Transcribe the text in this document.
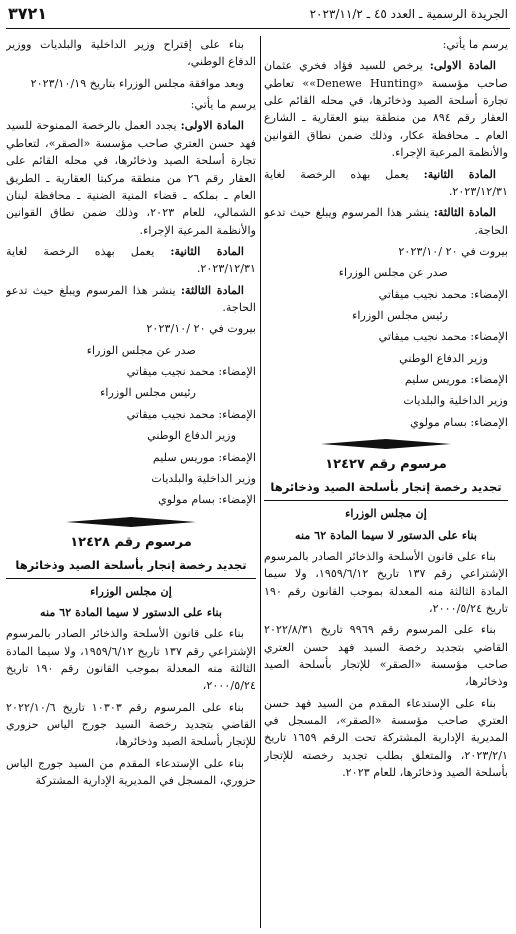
الجريدة الرسمية ـ العدد ٤٥ ـ ٢٠٢٣/١١/٢
٣٧٢١

يرسم ما يأتي:

المادة الاولى: يرخص للسيد فؤاد فخري عثمان صاحب مؤسسة «Denewe Hunting»» تعاطي تجارة أسلحة الصيد وذخائرها، في محله القائم على العقار رقم ٨٩٤ من منطقة بينو العقارية ـ الشارع العام ـ محافظة عكار، وذلك ضمن نطاق القوانين والأنظمة المرعية الإجراء.

المادة الثانية: يعمل بهذه الرخصة لغاية ٢٠٢٣/١٢/٣١.

المادة الثالثة: ينشر هذا المرسوم ويبلغ حيث تدعو الحاجة.

بيروت في ٢٠ /٢٠٢٣/١٠

صدر عن مجلس الوزراء

الإمضاء: محمد نجيب ميقاتي

رئيس مجلس الوزراء

الإمضاء: محمد نجيب ميقاتي

وزير الدفاع الوطني

الإمضاء: موريس سليم

وزير الداخلية والبلديات

الإمضاء: بسام مولوي

مرسوم رقم ١٢٤٢٧
تجديد رخصة إتجار بأسلحة الصيد وذخائرها

إن مجلس الوزراء

بناء على الدستور لا سيما المادة ٦٢ منه

بناء على قانون الأسلحة والذخائر الصادر بالمرسوم الإشتراعي رقم ١٣٧ تاريخ ١٩٥٩/٦/١٢، ولا سيما المادة الثالثة منه المعدلة بموجب القانون رقم ١٩٠ تاريخ ٢٠٠٠/٥/٢٤،

بناء على المرسوم رقم ٩٩٦٩ تاريخ ٢٠٢٢/٨/٣١ القاضي بتجديد رخصة السيد فهد حسن العتري صاحب مؤسسة «الصقر» للإتجار بأسلحة الصيد وذخائرها،

بناء على الإستدعاء المقدم من السيد فهد حسن العتري صاحب مؤسسة «الصقر»، المسجل في المديرية الإدارية المشتركة تحت الرقم ١٦٥٩ تاريخ ٢٠٢٣/٢/١، والمتعلق بطلب تجديد رخصته للإتجار بأسلحة الصيد وذخائرها، للعام ٢٠٢٣.

بناء على إقتراح وزير الداخلية والبلديات ووزير الدفاع الوطني،

وبعد موافقة مجلس الوزراء بتاريخ ٢٠٢٣/١٠/١٩

يرسم ما يأتي:

المادة الاولى: يجدد العمل بالرخصة الممنوحة للسيد فهد حسن العتري صاحب مؤسسة «الصقر»، لتعاطي تجارة أسلحة الصيد وذخائرها، في محله القائم على العقار رقم ٢٦ من منطقة مركبتا العقارية ـ الطريق العام ـ بملكه ـ قضاء المنية الضنية ـ محافظة لبنان الشمالي، للعام ٢٠٢٣، وذلك ضمن نطاق القوانين والأنظمة المرعية الإجراء.

المادة الثانية: يعمل بهذه الرخصة لغاية ٢٠٢٣/١٢/٣١.

المادة الثالثة: ينشر هذا المرسوم ويبلغ حيث تدعو الحاجة.

بيروت في ٢٠ /٢٠٢٣/١٠

صدر عن مجلس الوزراء

الإمضاء: محمد نجيب ميقاتي

رئيس مجلس الوزراء

الإمضاء: محمد نجيب ميقاتي

وزير الدفاع الوطني

الإمضاء: موريس سليم

وزير الداخلية والبلديات

الإمضاء: بسام مولوي

مرسوم رقم ١٢٤٢٨
تجديد رخصة إتجار بأسلحة الصيد وذخائرها

إن مجلس الوزراء

بناء على الدستور لا سيما المادة ٦٢ منه

بناء على قانون الأسلحة والذخائر الصادر بالمرسوم الإشتراعي رقم ١٣٧ تاريخ ١٩٥٩/٦/١٢، ولا سيما المادة الثالثة منه المعدلة بموجب القانون رقم ١٩٠ تاريخ ٢٠٠٠/٥/٢٤،

بناء على المرسوم رقم ١٠٣٠٣ تاريخ ٢٠٢٢/١٠/٦ القاضي بتجديد رخصة السيد جورج الياس حزوري للإتجار بأسلحة الصيد وذخائرها،

بناء على الإستدعاء المقدم من السيد جورج الياس حزوري، المسجل في المديرية الإدارية المشتركة
